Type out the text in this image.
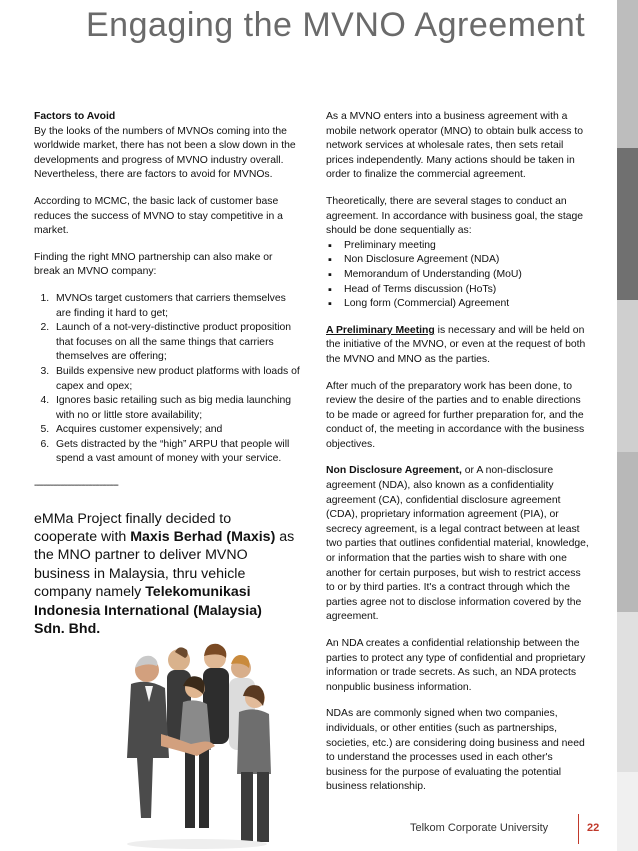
Engaging the MVNO Agreement
Factors to Avoid

By the looks of the numbers of MVNOs coming into the worldwide market, there has not been a slow down in the developments and progress of MVNO industry overall. Nevertheless, there are factors to avoid for MVNOs.

According to MCMC, the basic lack of customer base reduces the success of MVNO to stay competitive in a market.

Finding the right MNO partnership can also make or break an MVNO company:

1. MVNOs target customers that carriers themselves are finding it hard to get;
2. Launch of a not-very-distinctive product proposition that focuses on all the same things that carriers themselves are offering;
3. Builds expensive new product platforms with loads of capex and opex;
4. Ignores basic retailing such as big media launching with no or little store availability;
5. Acquires customer expensively; and
6. Gets distracted by the “high” ARPU that people will spend a vast amount of money with your service.
------------------------------------
eMMa Project finally decided to cooperate with Maxis Berhad (Maxis) as the MNO partner to deliver MVNO business in Malaysia, thru vehicle company namely Telekomunikasi Indonesia International (Malaysia) Sdn. Bhd.

As a MVNO enters into a business agreement with a mobile network operator (MNO) to obtain bulk access to network services at wholesale rates, then sets retail prices independently. Many actions should be taken in order to finalize the commercial agreement.

Theoretically, there are several stages to conduct an agreement. In accordance with business goal, the stage should be done sequentially as:
▪ Preliminary meeting
▪ Non Disclosure Agreement (NDA)
▪ Memorandum of Understanding (MoU)
▪ Head of Terms discussion (HoTs)
▪ Long form (Commercial) Agreement

A Preliminary Meeting is necessary and will be held on the initiative of the MVNO, or even at the request of both the MVNO and MNO as the parties.

After much of the preparatory work has been done, to review the desire of the parties and to enable directions to be made or agreed for further preparation for, and the conduct of, the meeting in accordance with the business objectives.

Non Disclosure Agreement, or A non-disclosure agreement (NDA), also known as a confidentiality agreement (CA), confidential disclosure agreement (CDA), proprietary information agreement (PIA), or secrecy agreement, is a legal contract between at least two parties that outlines confidential material, knowledge, or information that the parties wish to share with one another for certain purposes, but wish to restrict access to or by third parties. It's a contract through which the parties agree not to disclose information covered by the agreement.

An NDA creates a confidential relationship between the parties to protect any type of confidential and proprietary information or trade secrets. As such, an NDA protects nonpublic business information.

NDAs are commonly signed when two companies, individuals, or other entities (such as partnerships, societies, etc.) are considering doing business and need to understand the processes used in each other's business for the purpose of evaluating the potential business relationship.

Telkom Corporate University	22
